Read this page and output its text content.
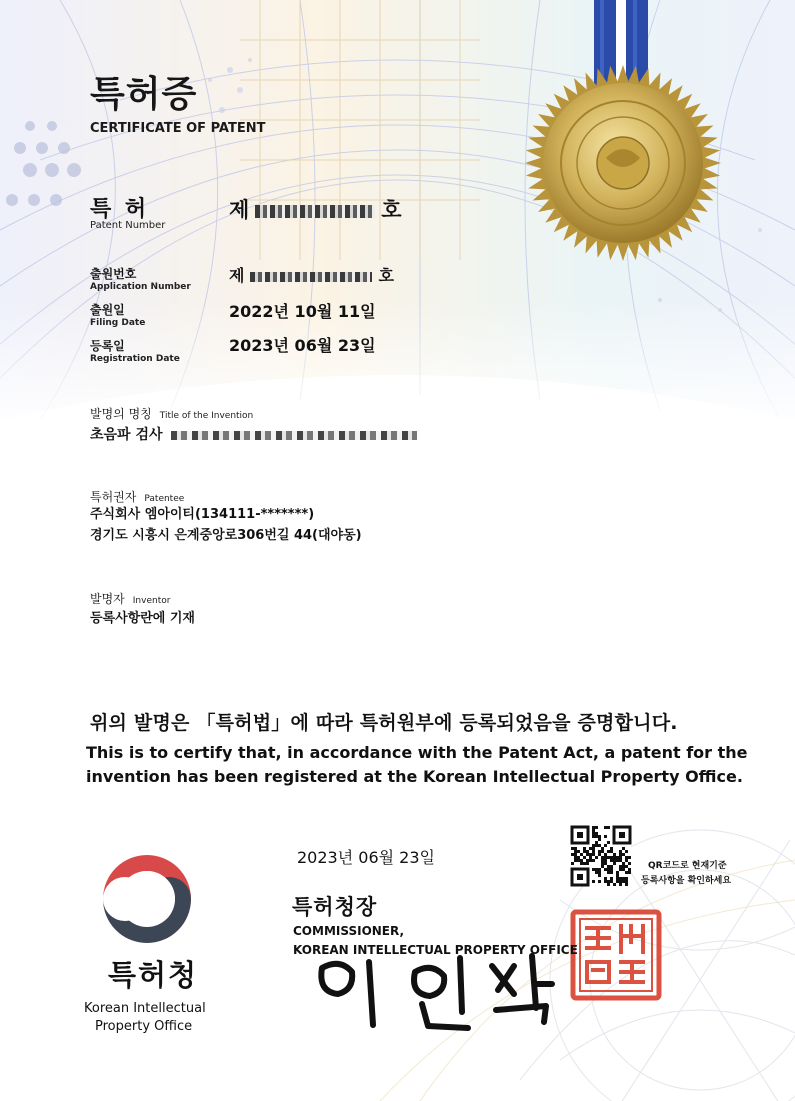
특허증
CERTIFICATE OF PATENT
특 허
Patent Number
제	호
출원번호
Application Number
제	호
출원일
Filing Date
2022년 10월 11일
등록일
Registration Date
2023년 06월 23일
발명의 명칭 Title of the Invention
초음파 검사
특허권자 Patentee
주식회사 엠아이티(134111-*******)
경기도 시흥시 은계중앙로306번길 44(대야동)
발명자 Inventor
등록사항란에 기재
위의 발명은 「특허법」에 따라 특허원부에 등록되었음을 증명합니다.
This is to certify that, in accordance with the Patent Act, a patent for the
invention has been registered at the Korean Intellectual Property Office.
2023년 06월 23일	QR코드로 현재기준
등록사항을 확인하세요
특허청장
COMMISSIONER,
KOREAN INTELLECTUAL PROPERTY OFFICE
특허청
Korean Intellectual
Property Office
